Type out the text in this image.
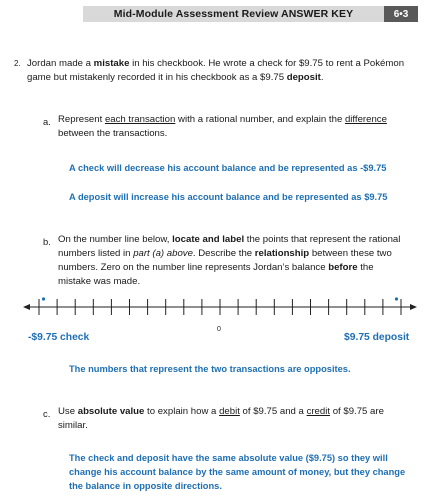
Mid-Module Assessment Review ANSWER KEY	6•3

2. Jordan made a mistake in his checkbook. He wrote a check for $9.75 to rent a Pokémon game but mistakenly recorded it in his checkbook as a $9.75 deposit.

a. Represent each transaction with a rational number, and explain the difference between the transactions.

A check will decrease his account balance and be represented as -$9.75

A deposit will increase his account balance and be represented as $9.75

b. On the number line below, locate and label the points that represent the rational numbers listed in part (a) above. Describe the relationship between these two numbers. Zero on the number line represents Jordan’s balance before the mistake was made.

0

-$9.75 check	$9.75 deposit

The numbers that represent the two transactions are opposites.

c. Use absolute value to explain how a debit of $9.75 and a credit of $9.75 are similar.

The check and deposit have the same absolute value ($9.75) so they will change his account balance by the same amount of money, but they change the balance in opposite directions.
